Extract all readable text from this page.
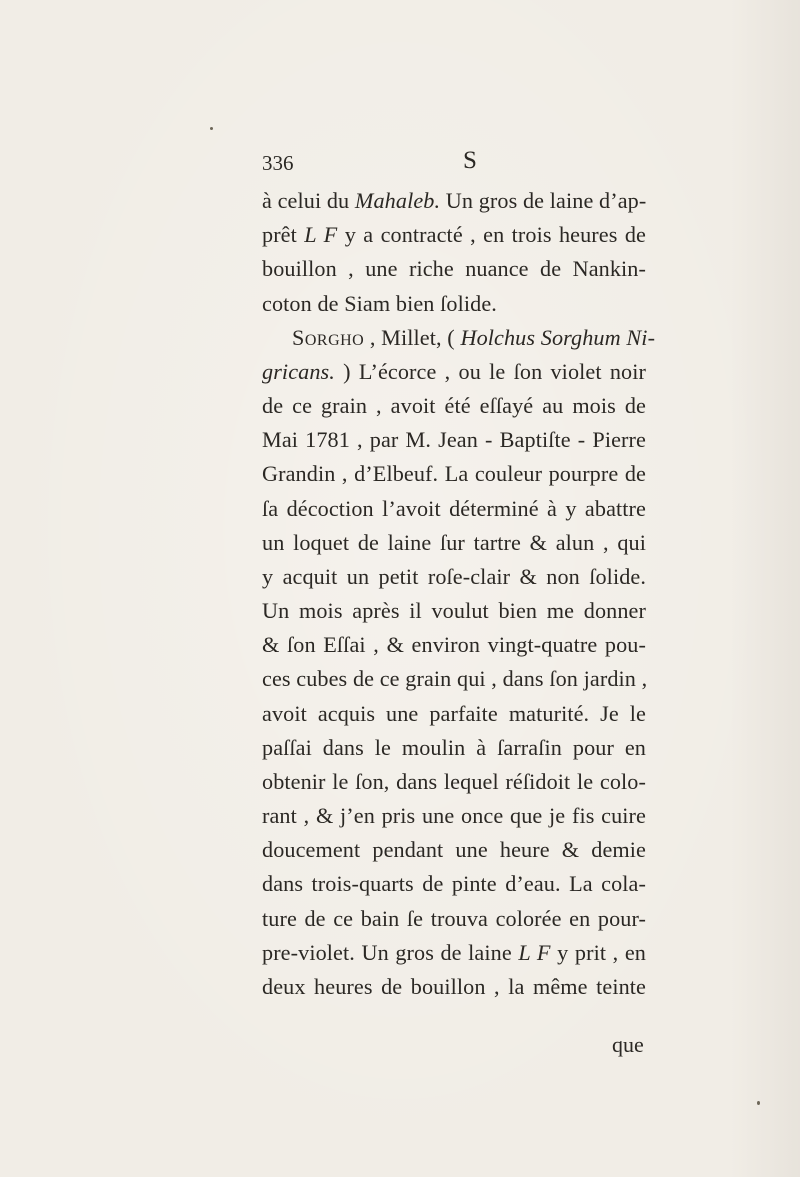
336	S
à celui du Mahaleb. Un gros de laine d’ap-
prêt L F y a contracté , en trois heures de
bouillon , une riche nuance de Nankin-
coton de Siam bien ſolide.
Sorgho , Millet, ( Holchus Sorghum Ni-
gricans. ) L’écorce , ou le ſon violet noir
de ce grain , avoit été eſſayé au mois de
Mai 1781 , par M. Jean - Baptiſte - Pierre
Grandin , d’Elbeuf. La couleur pourpre de
ſa décoction l’avoit déterminé à y abattre
un loquet de laine ſur tartre & alun , qui
y acquit un petit roſe-clair & non ſolide.
Un mois après il voulut bien me donner
& ſon Eſſai , & environ vingt-quatre pou-
ces cubes de ce grain qui , dans ſon jardin ,
avoit acquis une parfaite maturité. Je le
paſſai dans le moulin à ſarraſin pour en
obtenir le ſon, dans lequel réſidoit le colo-
rant , & j’en pris une once que je fis cuire
doucement pendant une heure & demie
dans trois-quarts de pinte d’eau. La cola-
ture de ce bain ſe trouva colorée en pour-
pre-violet. Un gros de laine L F y prit , en
deux heures de bouillon , la même teinte
que
